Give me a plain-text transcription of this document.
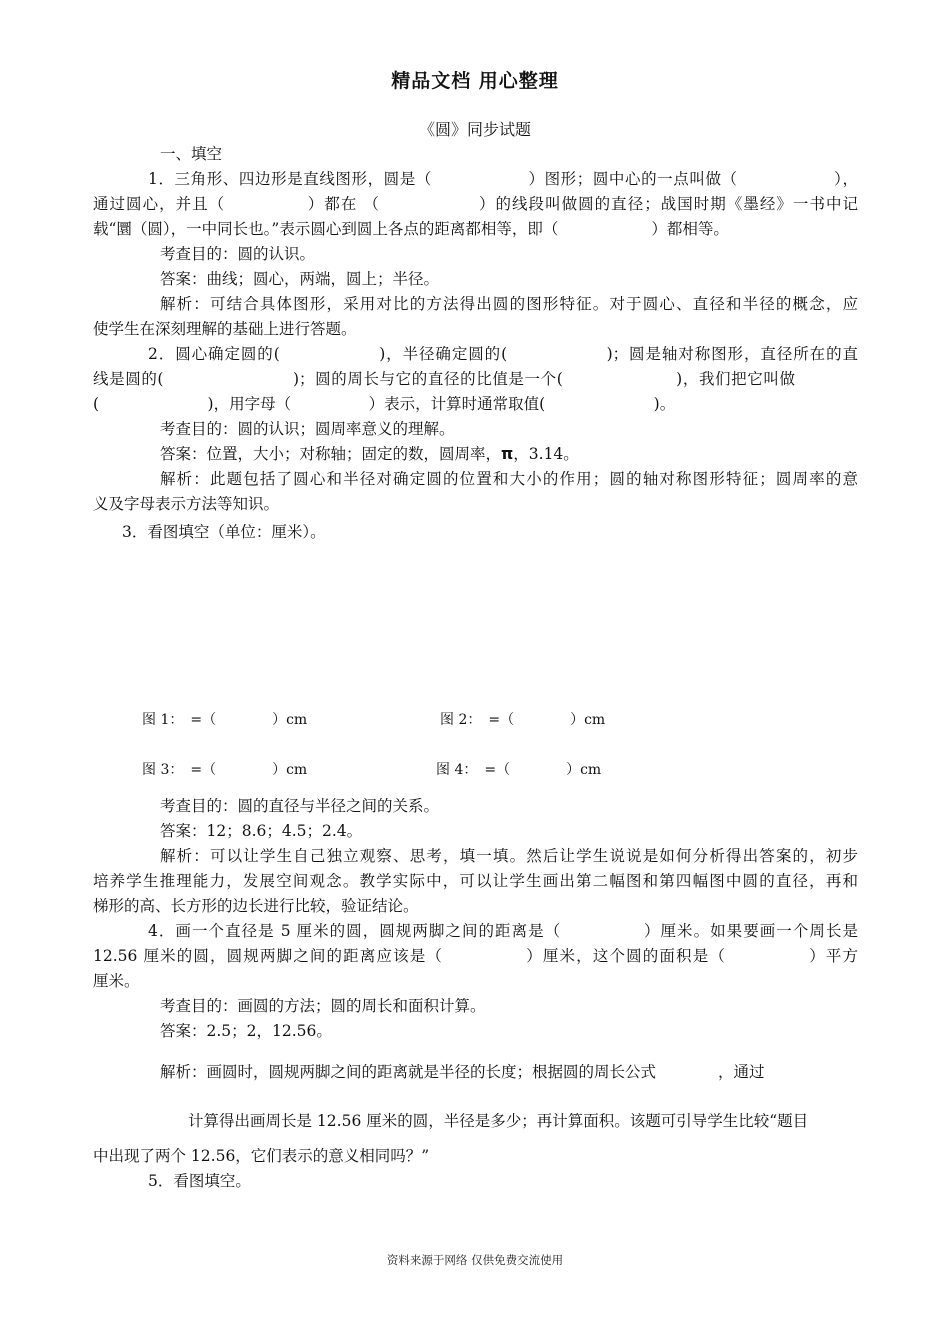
精品文档 用心整理
《圆》同步试题
一、填空
1．三角形、四边形是直线图形，圆是（　　　　　　）图形；圆中心的一点叫做（　　　　　　），
通过圆心，并且（　　　　　）都在 （　　　　　　）的线段叫做圆的直径；战国时期《墨经》一书中记
载“圜（圆），一中同长也。”表示圆心到圆上各点的距离都相等，即（　　　　　　）都相等。
考查目的：圆的认识。
答案：曲线；圆心，两端，圆上；半径。
解析：可结合具体图形，采用对比的方法得出圆的图形特征。对于圆心、直径和半径的概念，应
使学生在深刻理解的基础上进行答题。
2．圆心确定圆的(　　　　　　)，半径确定圆的(　　　　　　)；圆是轴对称图形，直径所在的直
线是圆的(　　　　　　　　)；圆的周长与它的直径的比值是一个(　　　　　　　)，我们把它叫做
(　　　　　　　)，用字母（　　　　　）表示，计算时通常取值(　　　　　　　)。
考查目的：圆的认识；圆周率意义的理解。
答案：位置，大小；对称轴；固定的数，圆周率，π，3.14。
解析：此题包括了圆心和半径对确定圆的位置和大小的作用；圆的轴对称图形特征；圆周率的意
义及字母表示方法等知识。
3．看图填空（单位：厘米）。
图 1：　=（　　　　）cm	图 2：　=（　　　　）cm
图 3：　=（　　　　）cm	图 4：　=（　　　　）cm
考查目的：圆的直径与半径之间的关系。
答案：12；8.6；4.5；2.4。
解析：可以让学生自己独立观察、思考，填一填。然后让学生说说是如何分析得出答案的，初步
培养学生推理能力，发展空间观念。教学实际中，可以让学生画出第二幅图和第四幅图中圆的直径，再和
梯形的高、长方形的边长进行比较，验证结论。
4．画一个直径是 5 厘米的圆，圆规两脚之间的距离是（　　　　　）厘米。如果要画一个周长是
12.56 厘米的圆，圆规两脚之间的距离应该是（　　　　　）厘米，这个圆的面积是（　　　　　）平方
厘米。
考查目的：画圆的方法；圆的周长和面积计算。
答案：2.5；2，12.56。
解析：画圆时，圆规两脚之间的距离就是半径的长度；根据圆的周长公式　　　　，通过
计算得出画周长是 12.56 厘米的圆，半径是多少；再计算面积。该题可引导学生比较“题目
中出现了两个 12.56，它们表示的意义相同吗？”
5．看图填空。
资料来源于网络 仅供免费交流使用
